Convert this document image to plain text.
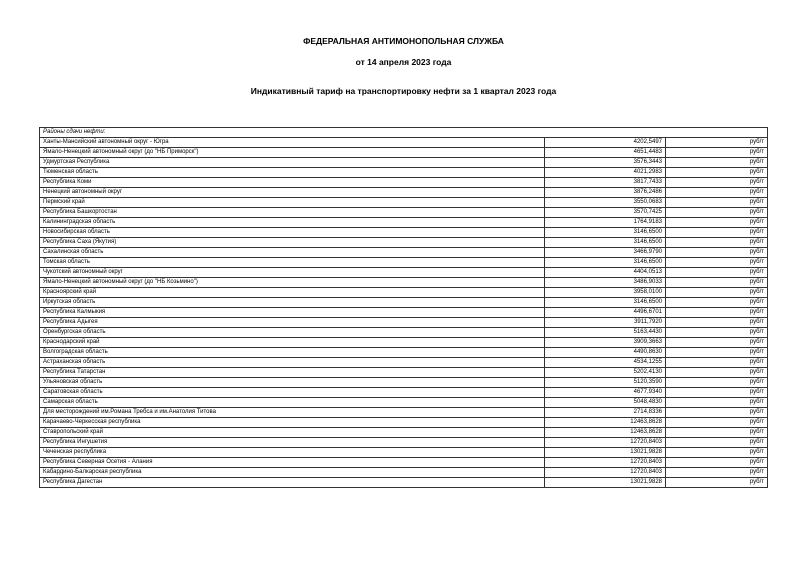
ФЕДЕРАЛЬНАЯ АНТИМОНОПОЛЬНАЯ СЛУЖБА
от 14 апреля 2023 года
Индикативный тариф на транспортировку нефти за 1 квартал 2023 года
Районы сдачи нефти:		
Ханты-Мансийский автономный округ - Югра	4202,5497	руб/т
Ямало-Ненецкий автономный округ (до "НБ Приморск")	4651,4483	руб/т
Удмуртская Республика	3576,3443	руб/т
Тюменская область	4021,2983	руб/т
Республика Коми	3817,7433	руб/т
Ненецкий автономный округ	3876,2486	руб/т
Пермский край	3550,0683	руб/т
Республика Башкортостан	3570,7425	руб/т
Калининградская область	1764,9183	руб/т
Новосибирская область	3146,6500	руб/т
Республика Саха (Якутия)	3146,6500	руб/т
Сахалинская область	3466,9790	руб/т
Томская область	3146,6500	руб/т
Чукотский автономный округ	4404,0513	руб/т
Ямало-Ненецкий автономный округ (до "НБ Козьмино")	3486,9033	руб/т
Красноярский край	3958,0100	руб/т
Иркутская область	3146,6500	руб/т
Республика Калмыкия	4496,6701	руб/т
Республика Адыгея	3911,7920	руб/т
Оренбургская область	5163,4430	руб/т
Краснодарский край	3909,3663	руб/т
Волгоградская область	4490,8630	руб/т
Астраханская область	4534,1255	руб/т
Республика Татарстан	5202,4130	руб/т
Ульяновская область	5120,3590	руб/т
Саратовская область	4677,9340	руб/т
Самарская область	5048,4830	руб/т
Для месторождений им.Романа Требса и им.Анатолия Титова	2714,8336	руб/т
Карачаево-Черкесская республика	12463,8628	руб/т
Ставропольский край	12463,8628	руб/т
Республика Ингушетия	12720,8403	руб/т
Чеченская республика	13021,9828	руб/т
Республика Северная Осетия - Алания	12720,8403	руб/т
Кабардино-Балкарская республика	12720,8403	руб/т
Республика Дагестан	13021,9828	руб/т
